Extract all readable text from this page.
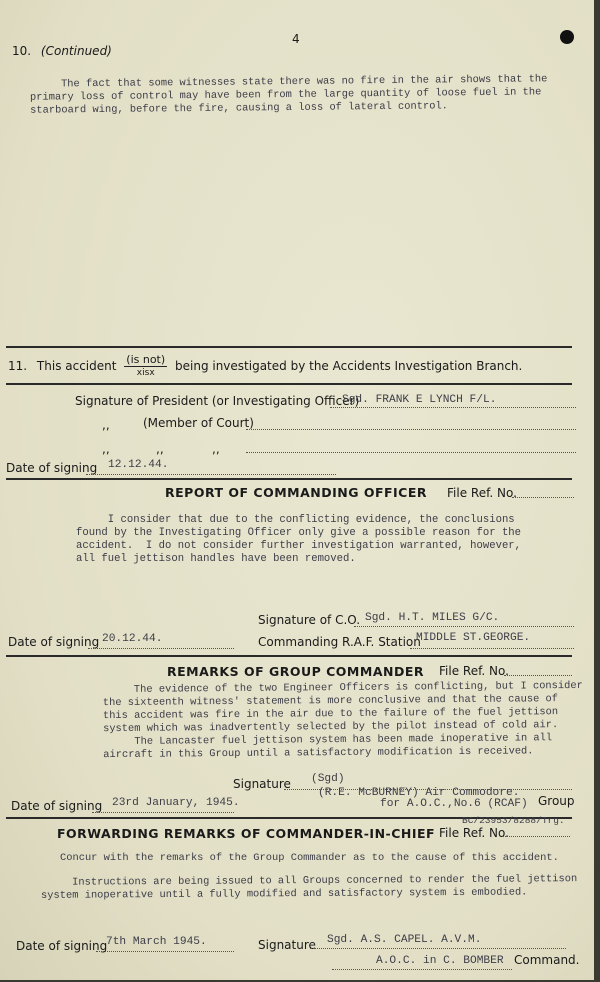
4
10. (Continued)
The fact that some witnesses state there was no fire in the air shows that the
primary loss of control may have been from the large quantity of loose fuel in the
starboard wing, before the fire, causing a loss of lateral control.
11. This accident $\frac{\text{(is not)}}{\text{xisx}}$ being investigated by the Accidents Investigation Branch.
Signature of President (or Investigating Officer)
Sgd. FRANK E LYNCH F/L.
,,	(Member of Court)
,,	,,	,,
Date of signing 12.12.44.
REPORT OF COMMANDING OFFICER File Ref. No.
I consider that due to the conflicting evidence, the conclusions
found by the Investigating Officer only give a possible reason for the
accident.  I do not consider further investigation warranted, however,
all fuel jettison handles have been removed.
Signature of C.O. Sgd. H.T. MILES G/C.
Date of signing 20.12.44.	Commanding R.A.F. Station
MIDDLE ST.GEORGE.
REMARKS OF GROUP COMMANDER File Ref. No.
The evidence of the two Engineer Officers is conflicting, but I consider
the sixteenth witness' statement is more conclusive and that the cause of
this accident was fire in the air due to the failure of the fuel jettison
system which was inadvertently selected by the pilot instead of cold air.
The Lancaster fuel jettison system has been made inoperative in all
aircraft in this Group until a satisfactory modification is received.
Signature (Sgd)
(R.E. McBURNEY) Air Commodore.
for A.O.C.,No.6 (RCAF) Group
Date of signing 23rd January, 1945.
BC/23953/8288/Trg.
FORWARDING REMARKS OF COMMANDER-IN-CHIEF File Ref. No.
Concur with the remarks of the Group Commander as to the cause of this accident.
Instructions are being issued to all Groups concerned to render the fuel jettison
system inoperative until a fully modified and satisfactory system is embodied.
Date of signing
7th March 1945.	Signature Sgd. A.S. CAPEL. A.V.M.
A.O.C. in C. BOMBER Command.
